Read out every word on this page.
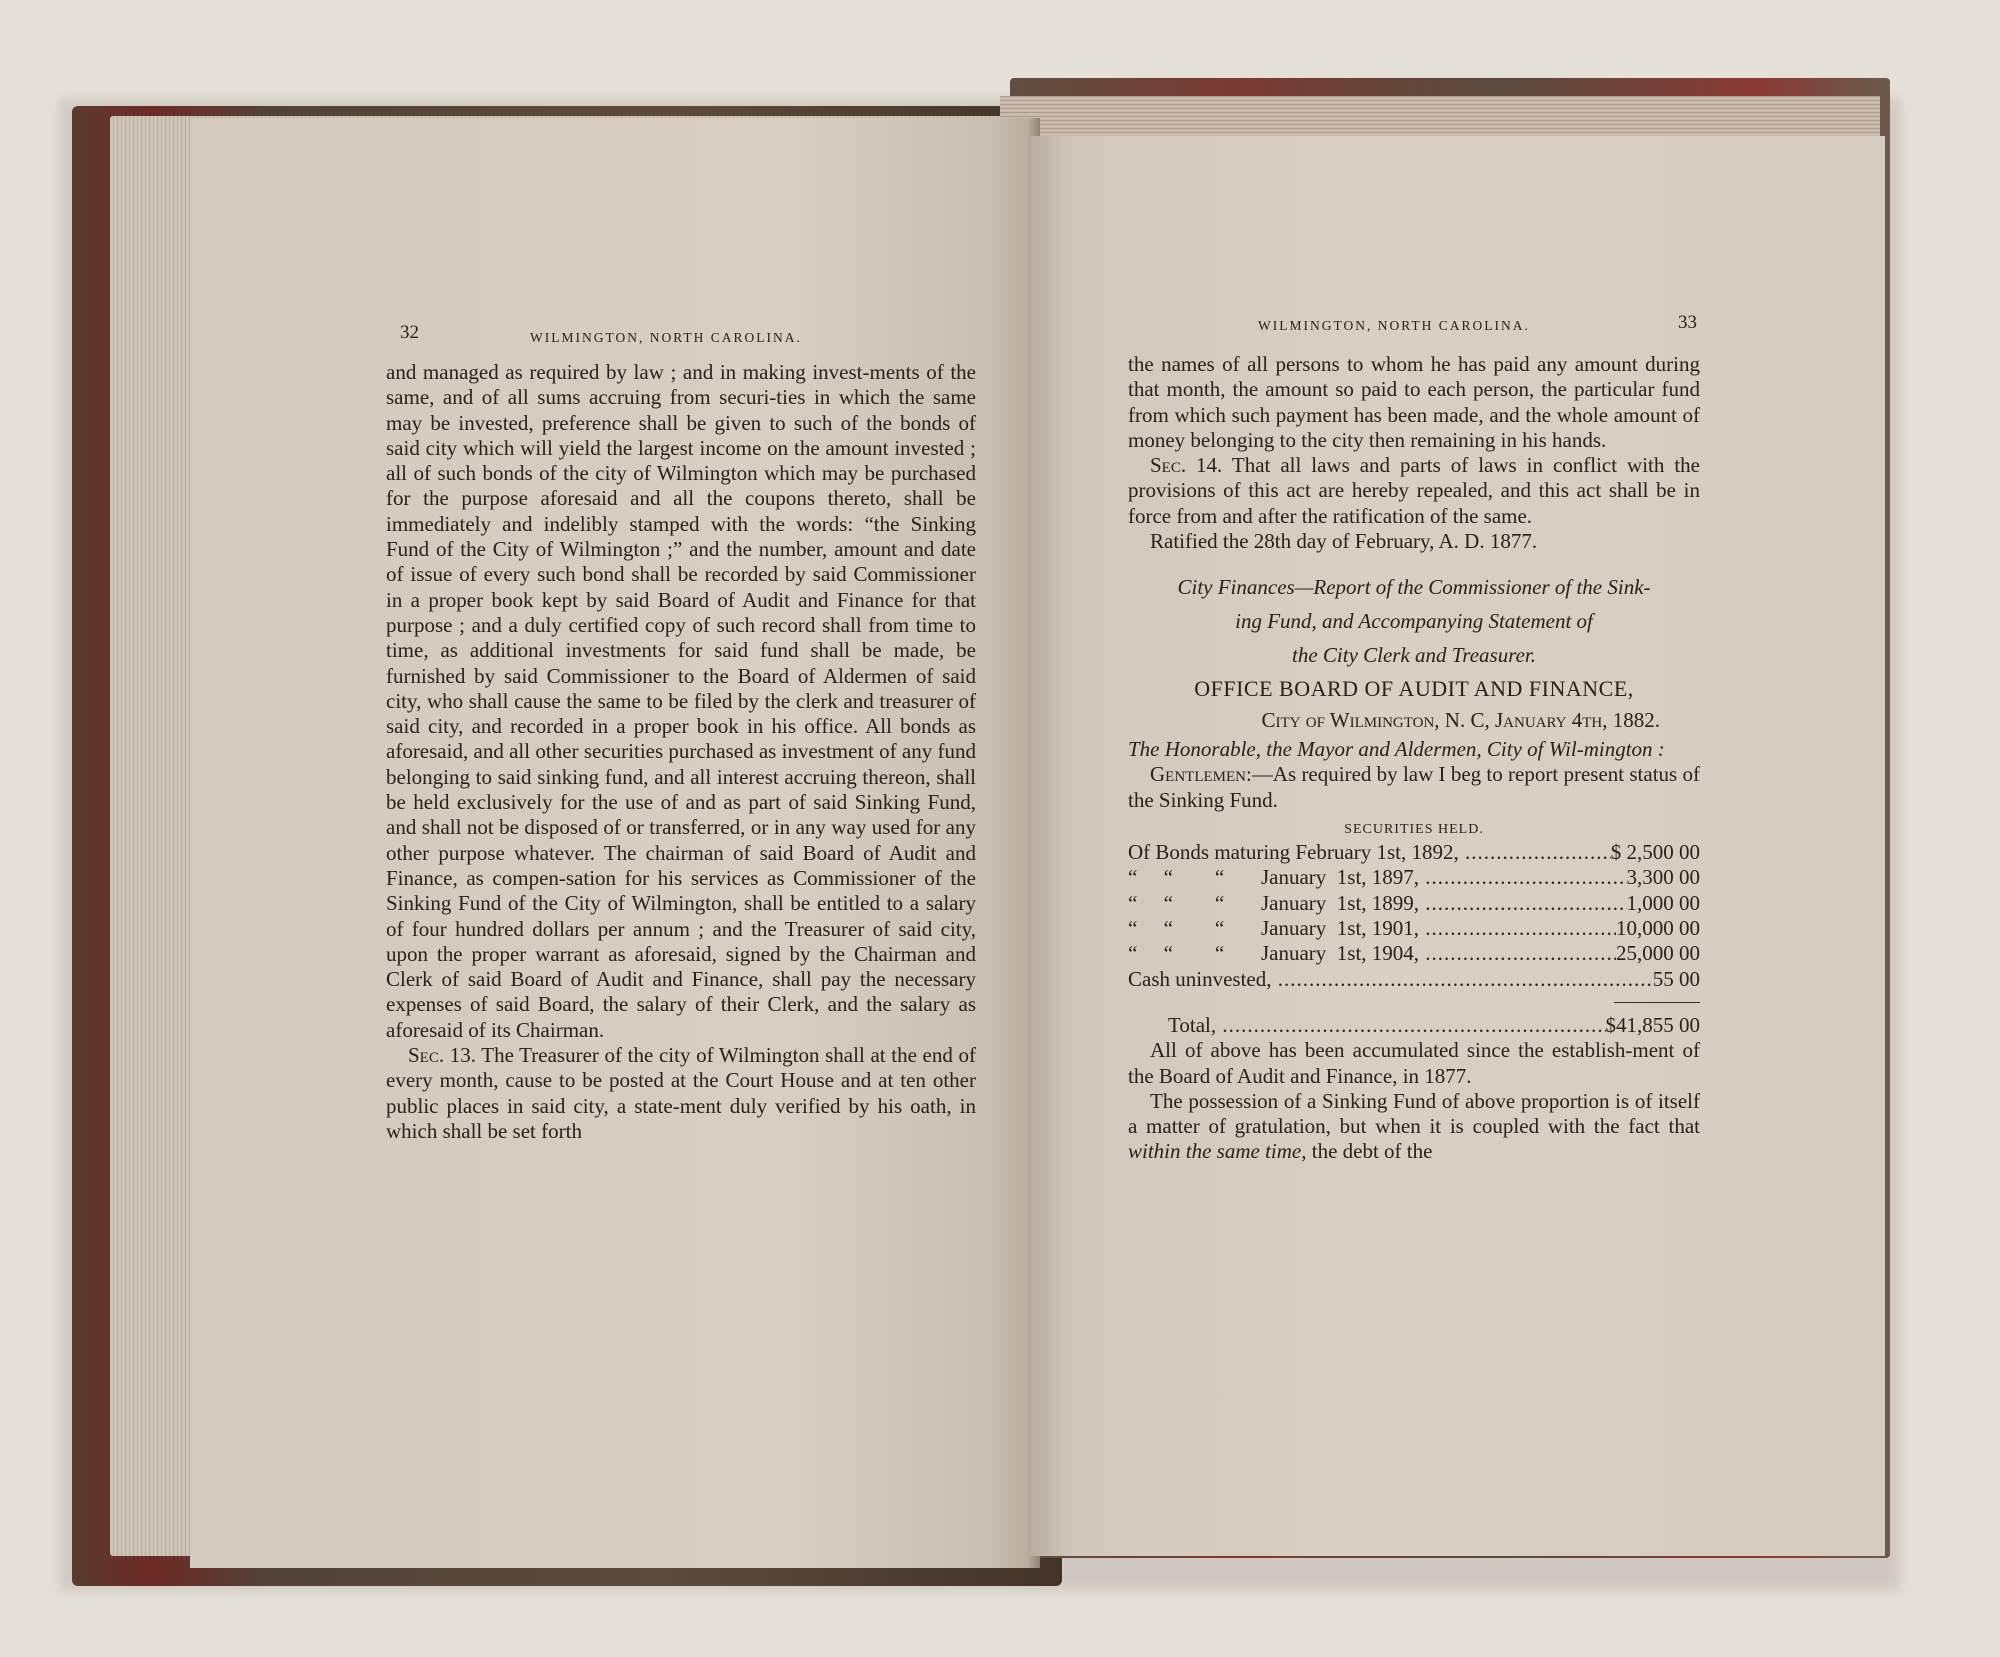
32	WILMINGTON, NORTH CAROLINA.

and managed as required by law ; and in making invest-ments of the same, and of all sums accruing from securi-ties in which the same may be invested, preference shall be given to such of the bonds of said city which will yield the largest income on the amount invested ; all of such bonds of the city of Wilmington which may be purchased for the purpose aforesaid and all the coupons thereto, shall be immediately and indelibly stamped with the words: “the Sinking Fund of the City of Wilmington ;” and the number, amount and date of issue of every such bond shall be recorded by said Commissioner in a proper book kept by said Board of Audit and Finance for that purpose ; and a duly certified copy of such record shall from time to time, as additional investments for said fund shall be made, be furnished by said Commissioner to the Board of Aldermen of said city, who shall cause the same to be filed by the clerk and treasurer of said city, and recorded in a proper book in his office. All bonds as aforesaid, and all other securities purchased as investment of any fund belonging to said sinking fund, and all interest accruing thereon, shall be held exclusively for the use of and as part of said Sinking Fund, and shall not be disposed of or transferred, or in any way used for any other purpose whatever. The chairman of said Board of Audit and Finance, as compen-sation for his services as Commissioner of the Sinking Fund of the City of Wilmington, shall be entitled to a salary of four hundred dollars per annum ; and the Treasurer of said city, upon the proper warrant as aforesaid, signed by the Chairman and Clerk of said Board of Audit and Finance, shall pay the necessary expenses of said Board, the salary of their Clerk, and the salary as aforesaid of its Chairman.

Sec. 13. The Treasurer of the city of Wilmington shall at the end of every month, cause to be posted at the Court House and at ten other public places in said city, a state-ment duly verified by his oath, in which shall be set forth

WILMINGTON, NORTH CAROLINA.	33

the names of all persons to whom he has paid any amount during that month, the amount so paid to each person, the particular fund from which such payment has been made, and the whole amount of money belonging to the city then remaining in his hands.

Sec. 14. That all laws and parts of laws in conflict with the provisions of this act are hereby repealed, and this act shall be in force from and after the ratification of the same.

Ratified the 28th day of February, A. D. 1877.

City Finances—Report of the Commissioner of the Sink-

ing Fund, and Accompanying Statement of

the City Clerk and Treasurer.

OFFICE BOARD OF AUDIT AND FINANCE,

City of Wilmington, N. C, January 4th, 1882.

The Honorable, the Mayor and Aldermen, City of Wil-mington :

Gentlemen:—As required by law I beg to report present status of the Sinking Fund.

SECURITIES HELD.

Of Bonds maturing February 1st, 1892, .....	$ 2,500 00
“     “        “       January  1st, 1897, .....	3,300 00
“     “        “       January  1st, 1899, .....	1,000 00
“     “        “       January  1st, 1901, .....	10,000 00
“     “        “       January  1st, 1904, .....	25,000 00
Cash uninvested, .....	55 00
Total, .....	$41,855 00

All of above has been accumulated since the establish-ment of the Board of Audit and Finance, in 1877.

The possession of a Sinking Fund of above proportion is of itself a matter of gratulation, but when it is coupled with the fact that within the same time, the debt of the
